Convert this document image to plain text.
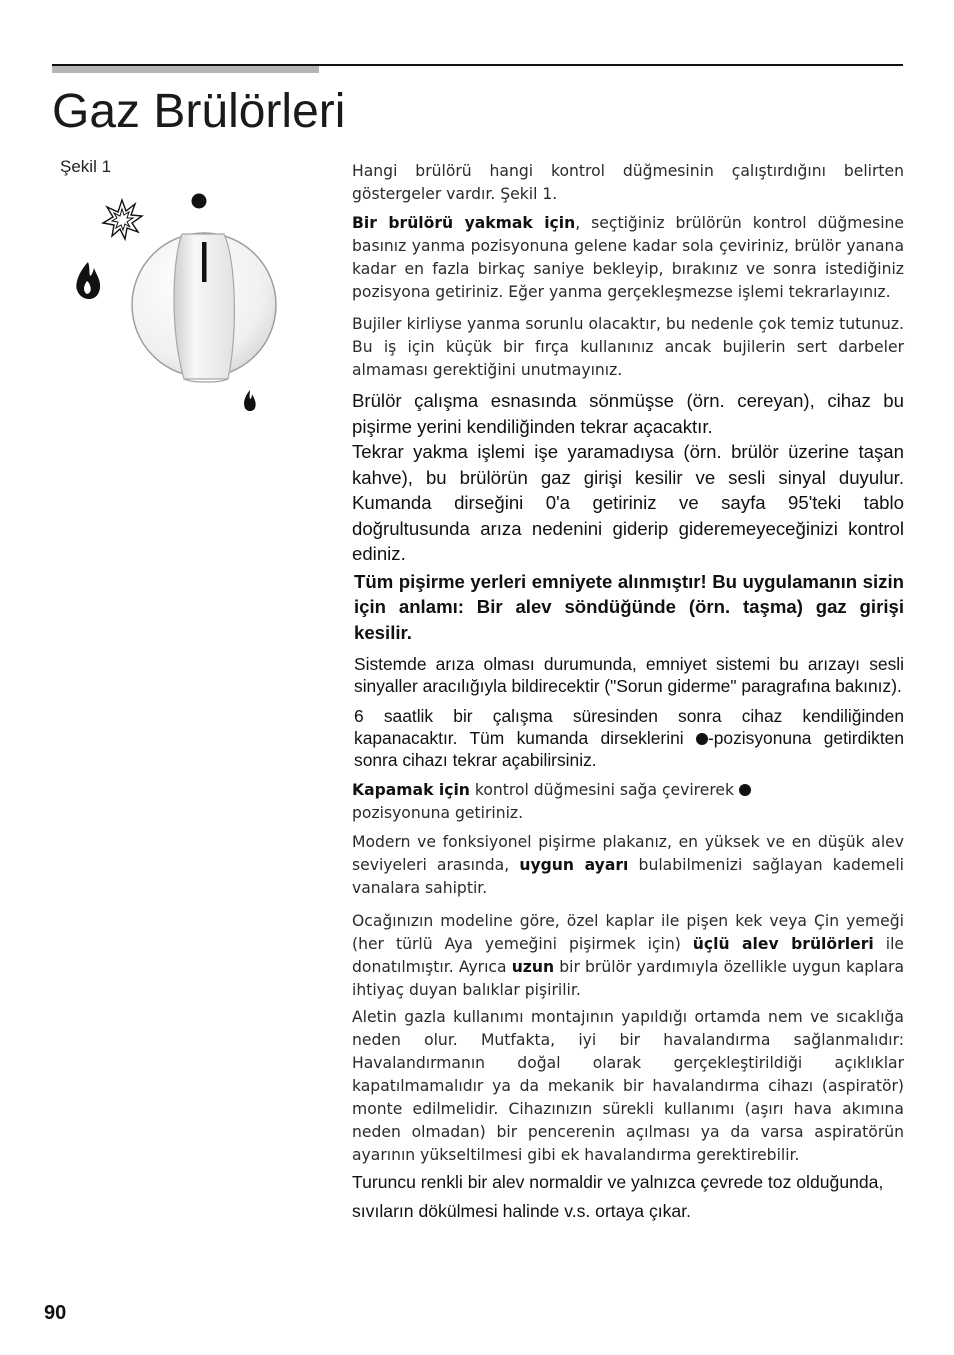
Gaz Brülörleri
Şekil 1	Hangi brülörü hangi kontrol düğmesinin çalıştırdığını belirten göstergeler vardır. Şekil 1.

Bir brülörü yakmak için, seçtiğiniz brülörün kontrol düğmesine basınız yanma pozisyonuna gelene kadar sola çeviriniz, brülör yanana kadar en fazla birkaç saniye bekleyip, bırakınız ve sonra istediğiniz pozisyona getiriniz. Eğer yanma gerçekleşmezse işlemi tekrarlayınız.

Bujiler kirliyse yanma sorunlu olacaktır, bu nedenle çok temiz tutunuz. Bu iş için küçük bir fırça kullanınız ancak bujilerin sert darbeler almaması gerektiğini unutmayınız.

Brülör çalışma esnasında sönmüşse (örn. cereyan), cihaz bu pişirme yerini kendiliğinden tekrar açacaktır.

Tekrar yakma işlemi işe yaramadıysa (örn. brülör üzerine taşan kahve), bu brülörün gaz girişi kesilir ve sesli sinyal duyulur. Kumanda dirseğini 0'a getiriniz ve sayfa 95'teki tablo doğrultusunda arıza nedenini giderip gideremeyeceğinizi kontrol ediniz.

Tüm pişirme yerleri emniyete alınmıştır! Bu uygulamanın sizin için anlamı: Bir alev söndüğünde (örn. taşma) gaz girişi kesilir.

Sistemde arıza olması durumunda, emniyet sistemi bu arızayı sesli sinyaller aracılığıyla bildirecektir ("Sorun giderme" paragrafına bakınız).

6 saatlik bir çalışma süresinden sonra cihaz kendiliğinden kapanacaktır. Tüm kumanda dirseklerini -pozisyonuna getirdikten sonra cihazı tekrar açabilirsiniz.

Kapamak için kontrol düğmesini sağa çevirerek
pozisyonuna getiriniz.

Modern ve fonksiyonel pişirme plakanız, en yüksek ve en düşük alev seviyeleri arasında, uygun ayarı bulabilmenizi sağlayan kademeli vanalara sahiptir.

Ocağınızın modeline göre, özel kaplar ile pişen kek veya Çin yemeği (her türlü Aya yemeğini pişirmek için) üçlü alev brülörleri ile donatılmıştır. Ayrıca uzun bir brülör yardımıyla özellikle uygun kaplara ihtiyaç duyan balıklar pişirilir.

Aletin gazla kullanımı montajının yapıldığı ortamda nem ve sıcaklığa neden olur. Mutfakta, iyi bir havalandırma sağlanmalıdır: Havalandırmanın doğal olarak gerçekleştirildiği açıklıklar kapatılmamalıdır ya da mekanik bir havalandırma cihazı (aspiratör) monte edilmelidir. Cihazınızın sürekli kullanımı (aşırı hava akımına neden olmadan) bir pencerenin açılması ya da varsa aspiratörün ayarının yükseltilmesi gibi ek havalandırma gerektirebilir.

Turuncu renkli bir alev normaldir ve yalnızca çevrede toz olduğunda, sıvıların dökülmesi halinde v.s. ortaya çıkar.

90
